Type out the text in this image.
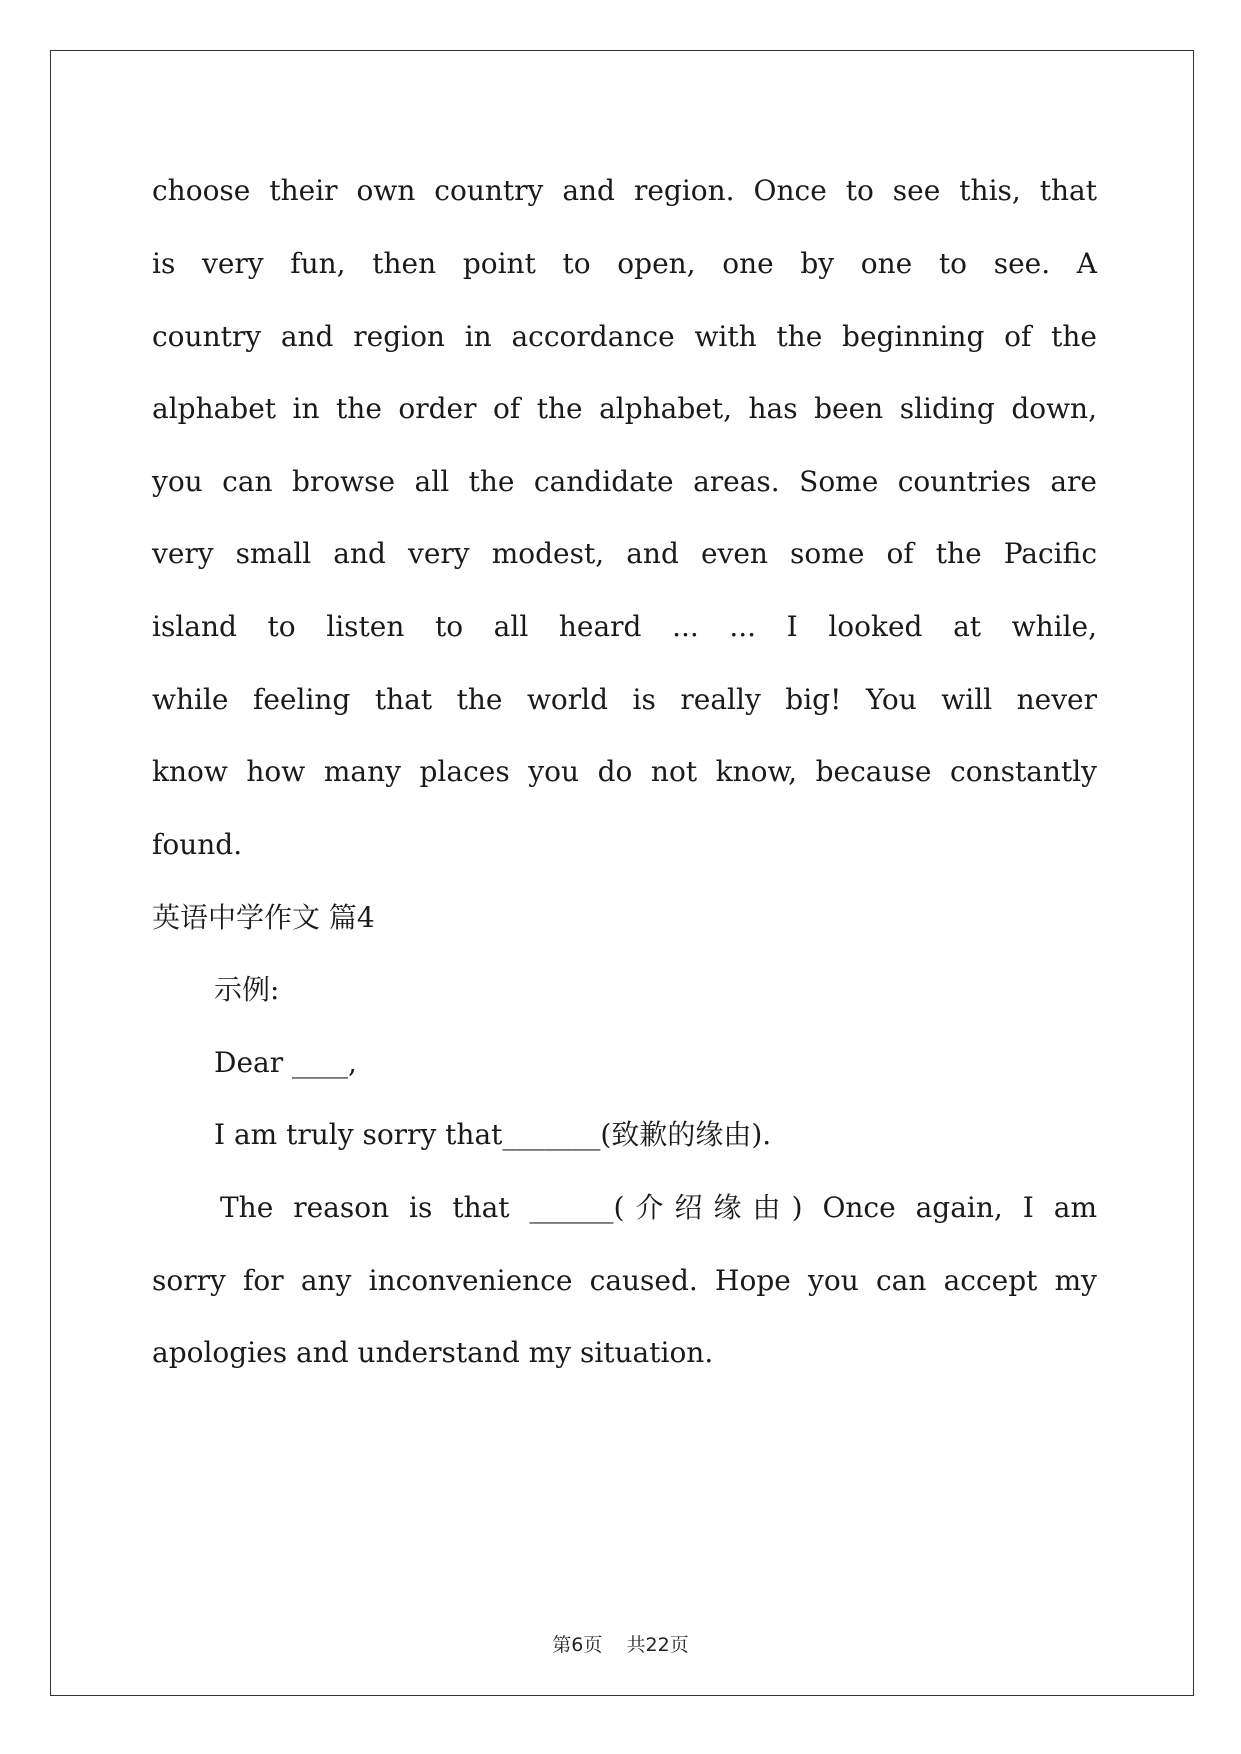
choose their own country and region. Once to see this, that
is very fun, then point to open, one by one to see. A
country and region in accordance with the beginning of the
alphabet in the order of the alphabet, has been sliding down,
you can browse all the candidate areas. Some countries are
very small and very modest, and even some of the Pacific
island to listen to all heard ... ... I looked at while,
while feeling that the world is really big! You will never
know how many places you do not know, because constantly
found.
英语中学作文 篇4
示例:
Dear ____,
I am truly sorry that_______(致歉的缘由).
The reason is that ______(介绍缘由) Once again, I am
sorry for any inconvenience caused. Hope you can accept my
apologies and understand my situation.
第6页    共22页
